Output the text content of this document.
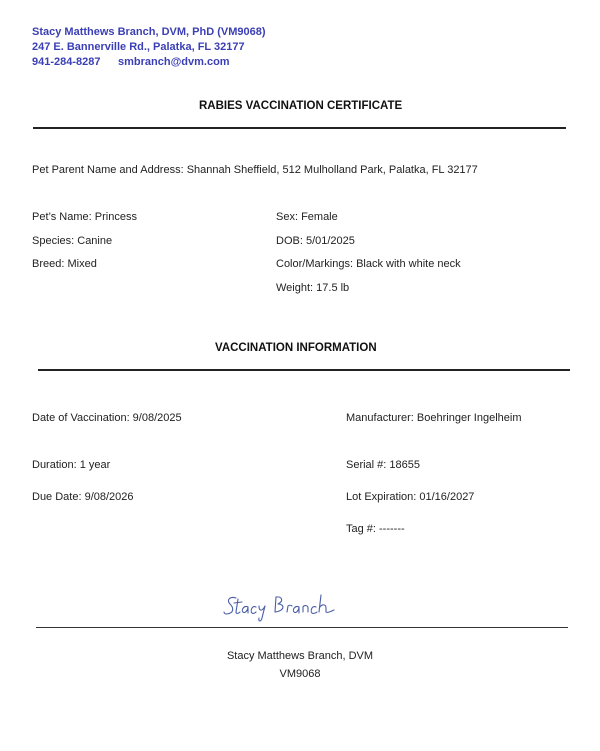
Stacy Matthews Branch, DVM, PhD (VM9068)
247 E. Bannerville Rd., Palatka, FL 32177
941-284-8287 smbranch@dvm.com
RABIES VACCINATION CERTIFICATE
Pet Parent Name and Address: Shannah Sheffield, 512 Mulholland Park, Palatka, FL 32177
Pet’s Name: Princess
Species: Canine
Breed: Mixed
Sex: Female
DOB: 5/01/2025
Color/Markings: Black with white neck
Weight: 17.5 lb
VACCINATION INFORMATION
Date of Vaccination: 9/08/2025
Duration: 1 year
Due Date: 9/08/2026
Manufacturer: Boehringer Ingelheim
Serial #: 18655
Lot Expiration: 01/16/2027
Tag #: -------
Stacy Matthews Branch, DVM
VM9068
